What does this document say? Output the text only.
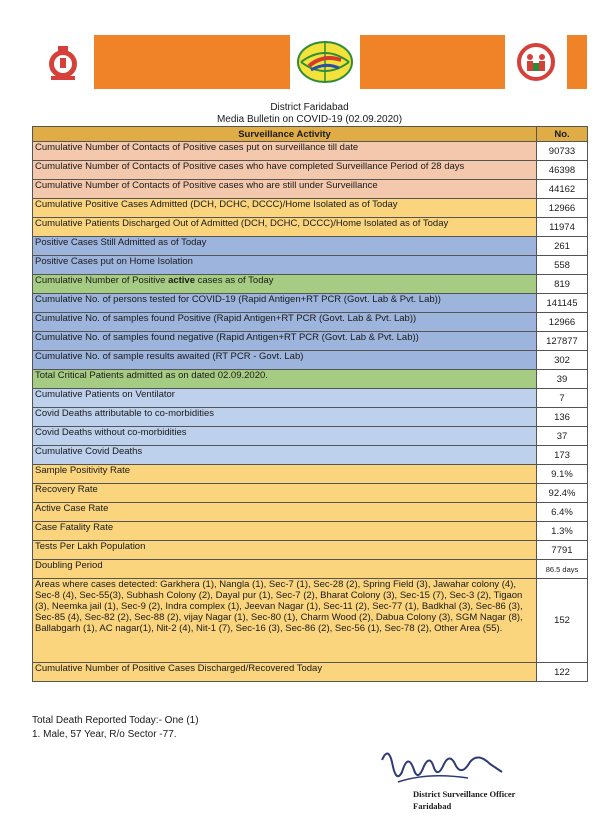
District Faridabad
Media Bulletin on COVID-19 (02.09.2020)
Surveillance Activity	No.
Cumulative Number of Contacts of Positive cases put on surveillance till date	90733
Cumulative Number of Contacts of Positive cases who have completed Surveillance Period of 28 days	46398
Cumulative Number of Contacts of Positive cases who are still under Surveillance	44162
Cumulative Positive Cases Admitted (DCH, DCHC, DCCC)/Home Isolated as of Today	12966
Cumulative Patients Discharged Out of Admitted (DCH, DCHC, DCCC)/Home Isolated as of Today	11974
Positive Cases Still Admitted as of Today	261
Positive Cases put on Home Isolation	558
Cumulative Number of Positive active cases as of Today	819
Cumulative No. of persons tested for COVID-19 (Rapid Antigen+RT PCR (Govt. Lab & Pvt. Lab))	141145
Cumulative No. of samples found Positive (Rapid Antigen+RT PCR (Govt. Lab & Pvt. Lab))	12966
Cumulative No. of samples found negative (Rapid Antigen+RT PCR (Govt. Lab & Pvt. Lab))	127877
Cumulative No. of sample results awaited (RT PCR - Govt. Lab)	302
Total Critical Patients admitted as on dated 02.09.2020.	39
Cumulative Patients on Ventilator	7
Covid Deaths attributable to co-morbidities	136
Covid Deaths without co-morbidities	37
Cumulative Covid Deaths	173
Sample Positivity Rate	9.1%
Recovery Rate	92.4%
Active Case Rate	6.4%
Case Fatality Rate	1.3%
Tests Per Lakh Population	7791
Doubling Period	86.5 days
Areas where cases detected: Garkhera (1), Nangla (1), Sec-7 (1), Sec-28 (2), Spring Field (3), Jawahar colony (4), Sec-8 (4), Sec-55(3), Subhash Colony (2), Dayal pur (1), Sec-7 (2), Bharat Colony (3), Sec-15 (7), Sec-3 (2), Tigaon (3), Neemka jail (1), Sec-9 (2), Indra complex (1), Jeevan Nagar (1), Sec-11 (2), Sec-77 (1), Badkhal (3), Sec-86 (3), Sec-85 (4), Sec-82 (2), Sec-88 (2), vijay Nagar (1), Sec-80 (1), Charm Wood (2), Dabua Colony (3), SGM Nagar (8), Ballabgarh (1), AC nagar(1), Nit-2 (4), Nit-1 (7), Sec-16 (3), Sec-86 (2), Sec-56 (1), Sec-78 (2), Other Area (55).	152
Cumulative Number of Positive Cases Discharged/Recovered Today	122
Total Death Reported Today:- One (1)
1. Male, 57 Year, R/o Sector -77.
District Surveillance Officer
Faridabad
